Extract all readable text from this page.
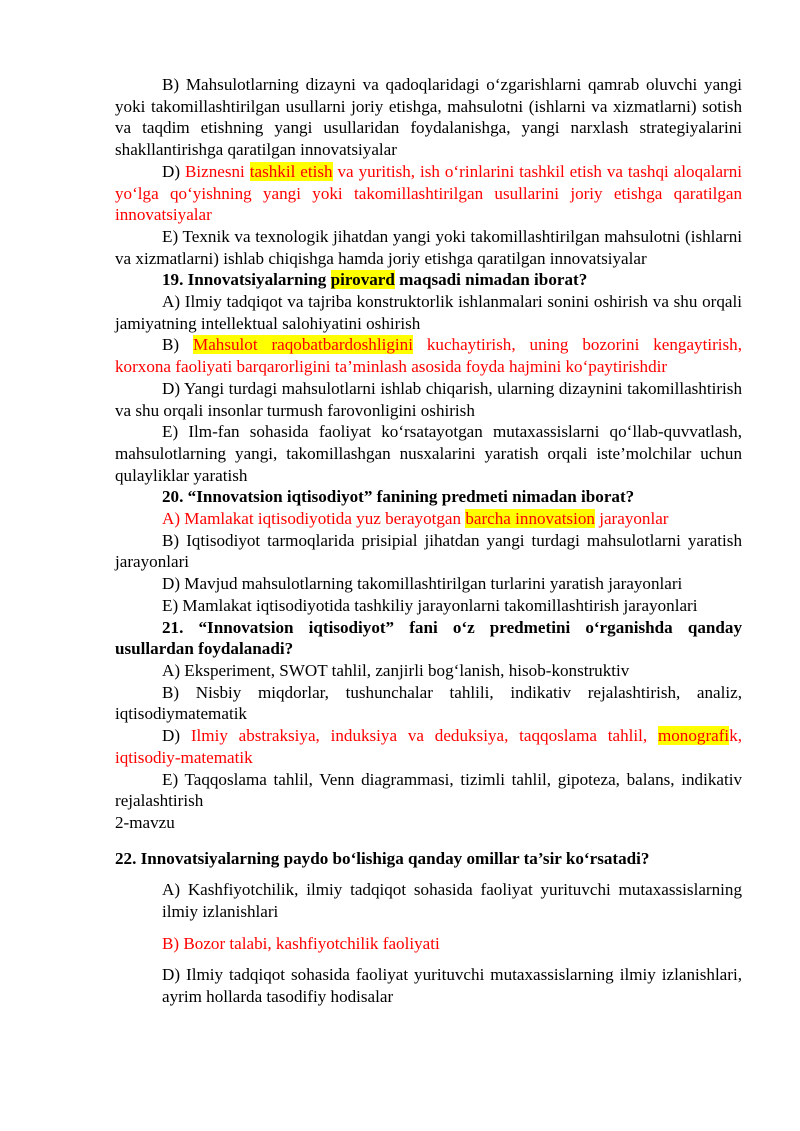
B) Mahsulotlarning dizayni va qadoqlaridagi o‘zgarishlarni qamrab oluvchi yangi yoki takomillashtirilgan usullarni joriy etishga, mahsulotni (ishlarni va xizmatlarni) sotish va taqdim etishning yangi usullaridan foydalanishga, yangi narxlash strategiyalarini shakllantirishga qaratilgan innovatsiyalar

D) Biznesni tashkil etish va yuritish, ish o‘rinlarini tashkil etish va tashqi aloqalarni yo‘lga qo‘yishning yangi yoki takomillashtirilgan usullarini joriy etishga qaratilgan innovatsiyalar

E) Texnik va texnologik jihatdan yangi yoki takomillashtirilgan mahsulotni (ishlarni va xizmatlarni) ishlab chiqishga hamda joriy etishga qaratilgan innovatsiyalar

19. Innovatsiyalarning pirovard maqsadi nimadan iborat?

A) Ilmiy tadqiqot va tajriba konstruktorlik ishlanmalari sonini oshirish va shu orqali jamiyatning intellektual salohiyatini oshirish

B) Mahsulot raqobatbardoshligini kuchaytirish, uning bozorini kengaytirish, korxona faoliyati barqarorligini ta’minlash asosida foyda hajmini ko‘paytirishdir

D) Yangi turdagi mahsulotlarni ishlab chiqarish, ularning dizaynini takomillashtirish va shu orqali insonlar turmush farovonligini oshirish

E) Ilm-fan sohasida faoliyat ko‘rsatayotgan mutaxassislarni qo‘llab-quvvatlash, mahsulotlarning yangi, takomillashgan nusxalarini yaratish orqali iste’molchilar uchun qulayliklar yaratish

20. “Innovatsion iqtisodiyot” fanining predmeti nimadan iborat?

A) Mamlakat iqtisodiyotida yuz berayotgan barcha innovatsion jarayonlar

B) Iqtisodiyot tarmoqlarida prisipial jihatdan yangi turdagi mahsulotlarni yaratish jarayonlari

D) Mavjud mahsulotlarning takomillashtirilgan turlarini yaratish jarayonlari

E) Mamlakat iqtisodiyotida tashkiliy jarayonlarni takomillashtirish jarayonlari

21. “Innovatsion iqtisodiyot” fani o‘z predmetini o‘rganishda qanday usullardan foydalanadi?

A) Eksperiment, SWOT tahlil, zanjirli bog‘lanish, hisob-konstruktiv

B) Nisbiy miqdorlar, tushunchalar tahlili, indikativ rejalashtirish, analiz, iqtisodiymatematik

D) Ilmiy abstraksiya, induksiya va deduksiya, taqqoslama tahlil, monografik, iqtisodiy-matematik

E) Taqqoslama tahlil, Venn diagrammasi, tizimli tahlil, gipoteza, balans, indikativ rejalashtirish

2-mavzu

22. Innovatsiyalarning paydo bo‘lishiga qanday omillar ta’sir ko‘rsatadi?

A) Kashfiyotchilik, ilmiy tadqiqot sohasida faoliyat yurituvchi mutaxassislarning ilmiy izlanishlari

B) Bozor talabi, kashfiyotchilik faoliyati

D) Ilmiy tadqiqot sohasida faoliyat yurituvchi mutaxassislarning ilmiy izlanishlari, ayrim hollarda tasodifiy hodisalar
